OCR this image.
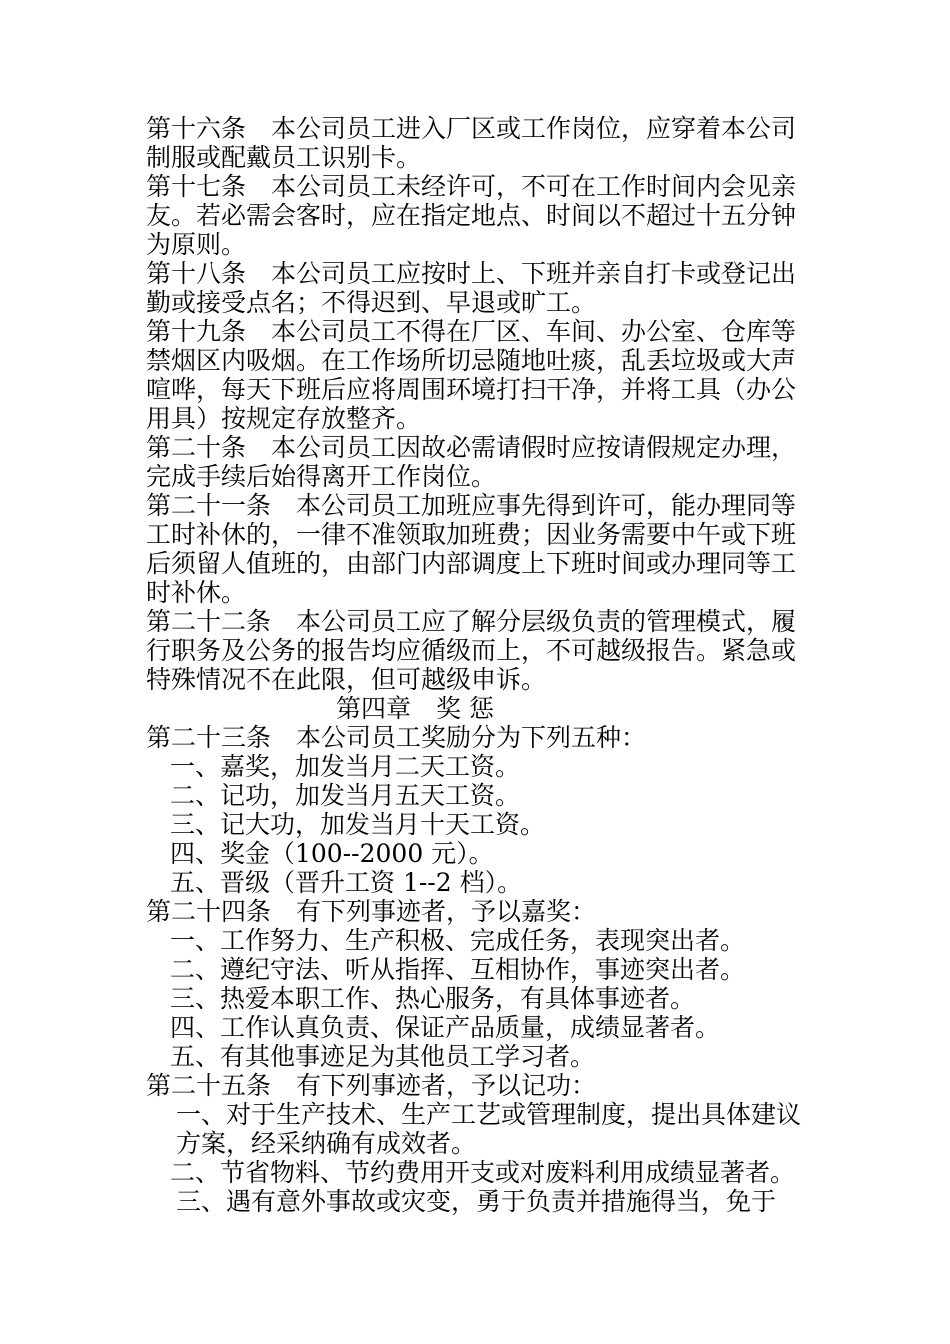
第十六条　本公司员工进入厂区或工作岗位，应穿着本公司制服或配戴员工识别卡。

第十七条　本公司员工未经许可，不可在工作时间内会见亲友。若必需会客时，应在指定地点、时间以不超过十五分钟为原则。

第十八条　本公司员工应按时上、下班并亲自打卡或登记出勤或接受点名；不得迟到、早退或旷工。

第十九条　本公司员工不得在厂区、车间、办公室、仓库等禁烟区内吸烟。在工作场所切忌随地吐痰，乱丢垃圾或大声喧哗，每天下班后应将周围环境打扫干净，并将工具（办公用具）按规定存放整齐。

第二十条　本公司员工因故必需请假时应按请假规定办理，完成手续后始得离开工作岗位。

第二十一条　本公司员工加班应事先得到许可，能办理同等工时补休的，一律不准领取加班费；因业务需要中午或下班后须留人值班的，由部门内部调度上下班时间或办理同等工时补休。

第二十二条　本公司员工应了解分层级负责的管理模式，履行职务及公务的报告均应循级而上，不可越级报告。紧急或特殊情况不在此限，但可越级申诉。

第四章　奖 惩

第二十三条　本公司员工奖励分为下列五种：

一、嘉奖，加发当月二天工资。

二、记功，加发当月五天工资。

三、记大功，加发当月十天工资。

四、奖金（100--2000 元）。

五、晋级（晋升工资 1--2 档）。

第二十四条　有下列事迹者，予以嘉奖：

一、工作努力、生产积极、完成任务，表现突出者。

二、遵纪守法、听从指挥、互相协作，事迹突出者。

三、热爱本职工作、热心服务，有具体事迹者。

四、工作认真负责、保证产品质量，成绩显著者。

五、有其他事迹足为其他员工学习者。

第二十五条　有下列事迹者，予以记功：

一、对于生产技术、生产工艺或管理制度，提出具体建议方案，经采纳确有成效者。

二、节省物料、节约费用开支或对废料利用成绩显著者。

三、遇有意外事故或灾变，勇于负责并措施得当，免于
